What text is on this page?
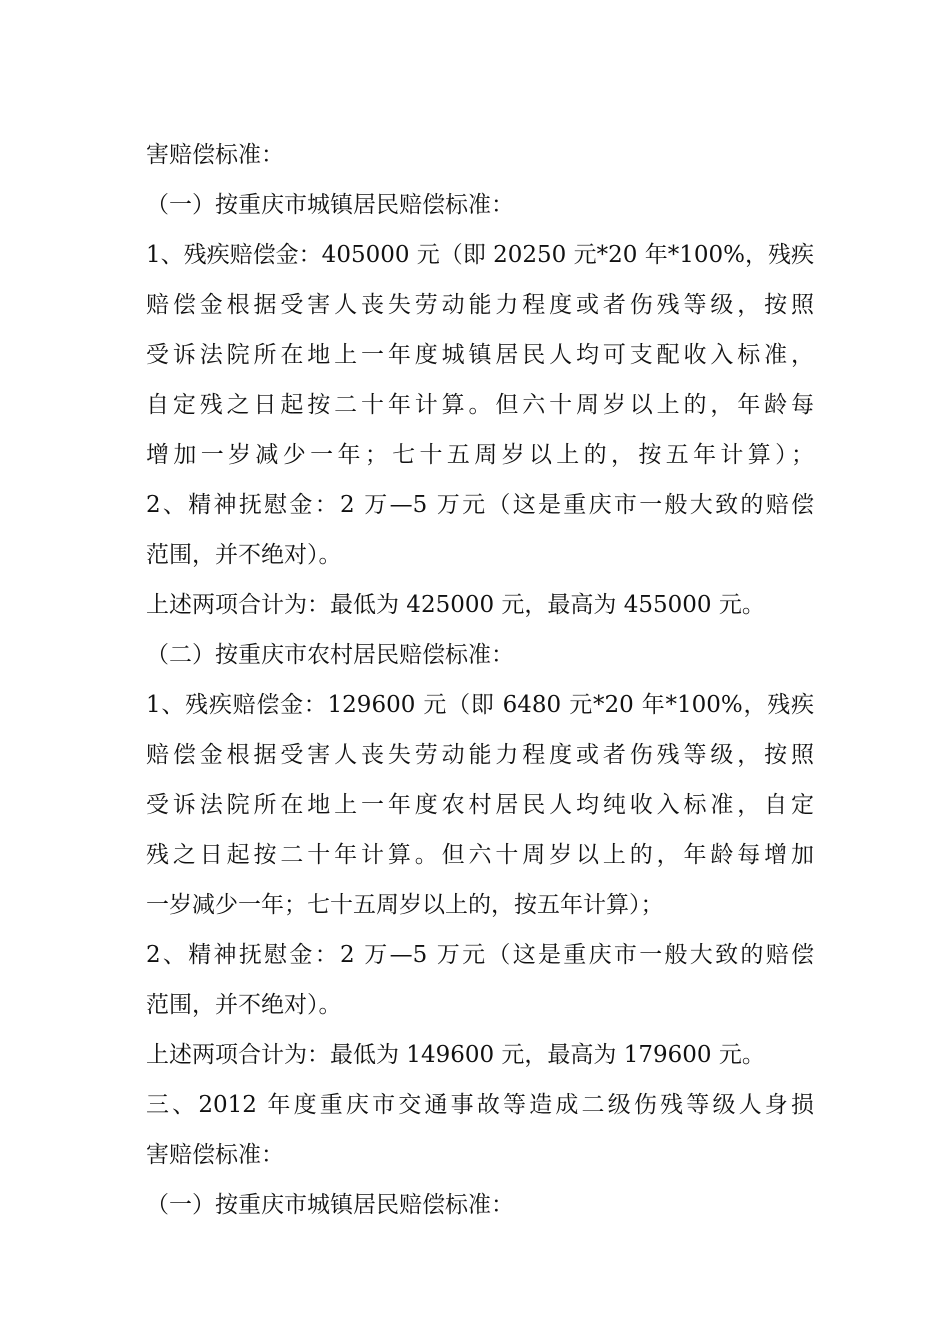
害赔偿标准：
（一）按重庆市城镇居民赔偿标准：
1、残疾赔偿金：405000 元（即 20250 元*20 年*100%，残疾
赔偿金根据受害人丧失劳动能力程度或者伤残等级，按照
受诉法院所在地上一年度城镇居民人均可支配收入标准，
自定残之日起按二十年计算。但六十周岁以上的，年龄每
增加一岁减少一年；七十五周岁以上的，按五年计算）；
2、精神抚慰金：2 万—5 万元（这是重庆市一般大致的赔偿
范围，并不绝对）。
上述两项合计为：最低为 425000 元，最高为 455000 元。
（二）按重庆市农村居民赔偿标准：
1、残疾赔偿金：129600 元（即 6480 元*20 年*100%，残疾
赔偿金根据受害人丧失劳动能力程度或者伤残等级，按照
受诉法院所在地上一年度农村居民人均纯收入标准，自定
残之日起按二十年计算。但六十周岁以上的，年龄每增加
一岁减少一年；七十五周岁以上的，按五年计算）；
2、精神抚慰金：2 万—5 万元（这是重庆市一般大致的赔偿
范围，并不绝对）。
上述两项合计为：最低为 149600 元，最高为 179600 元。
三、2012 年度重庆市交通事故等造成二级伤残等级人身损
害赔偿标准：
（一）按重庆市城镇居民赔偿标准：
